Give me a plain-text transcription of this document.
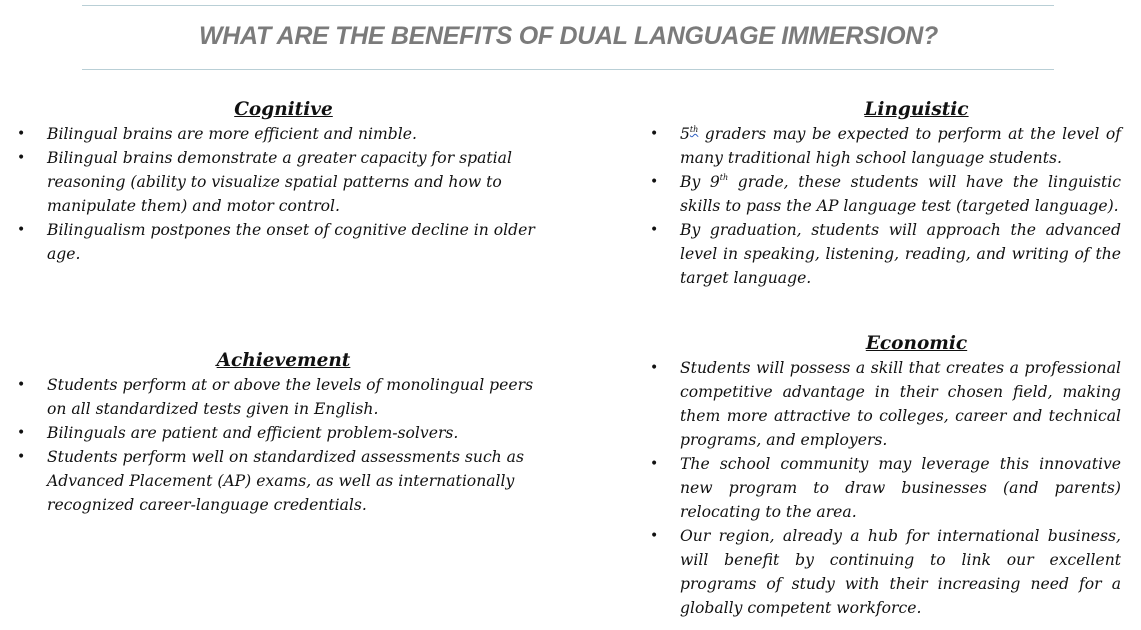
WHAT ARE THE BENEFITS OF DUAL LANGUAGE IMMERSION?
Cognitive
• Bilingual brains are more efficient and nimble.
• Bilingual brains demonstrate a greater capacity for spatial reasoning (ability to visualize spatial patterns and how to manipulate them) and motor control.
• Bilingualism postpones the onset of cognitive decline in older age.
Achievement
• Students perform at or above the levels of monolingual peers on all standardized tests given in English.
• Bilinguals are patient and efficient problem-solvers.
• Students perform well on standardized assessments such as Advanced Placement (AP) exams, as well as internationally recognized career-language credentials.
Linguistic
• 5th graders may be expected to perform at the level of many traditional high school language students.
• By 9th grade, these students will have the linguistic skills to pass the AP language test (targeted language).
• By graduation, students will approach the advanced level in speaking, listening, reading, and writing of the target language.
Economic
• Students will possess a skill that creates a professional competitive advantage in their chosen field, making them more attractive to colleges, career and technical programs, and employers.
• The school community may leverage this innovative new program to draw businesses (and parents) relocating to the area.
• Our region, already a hub for international business, will benefit by continuing to link our excellent programs of study with their increasing need for a globally competent workforce.
